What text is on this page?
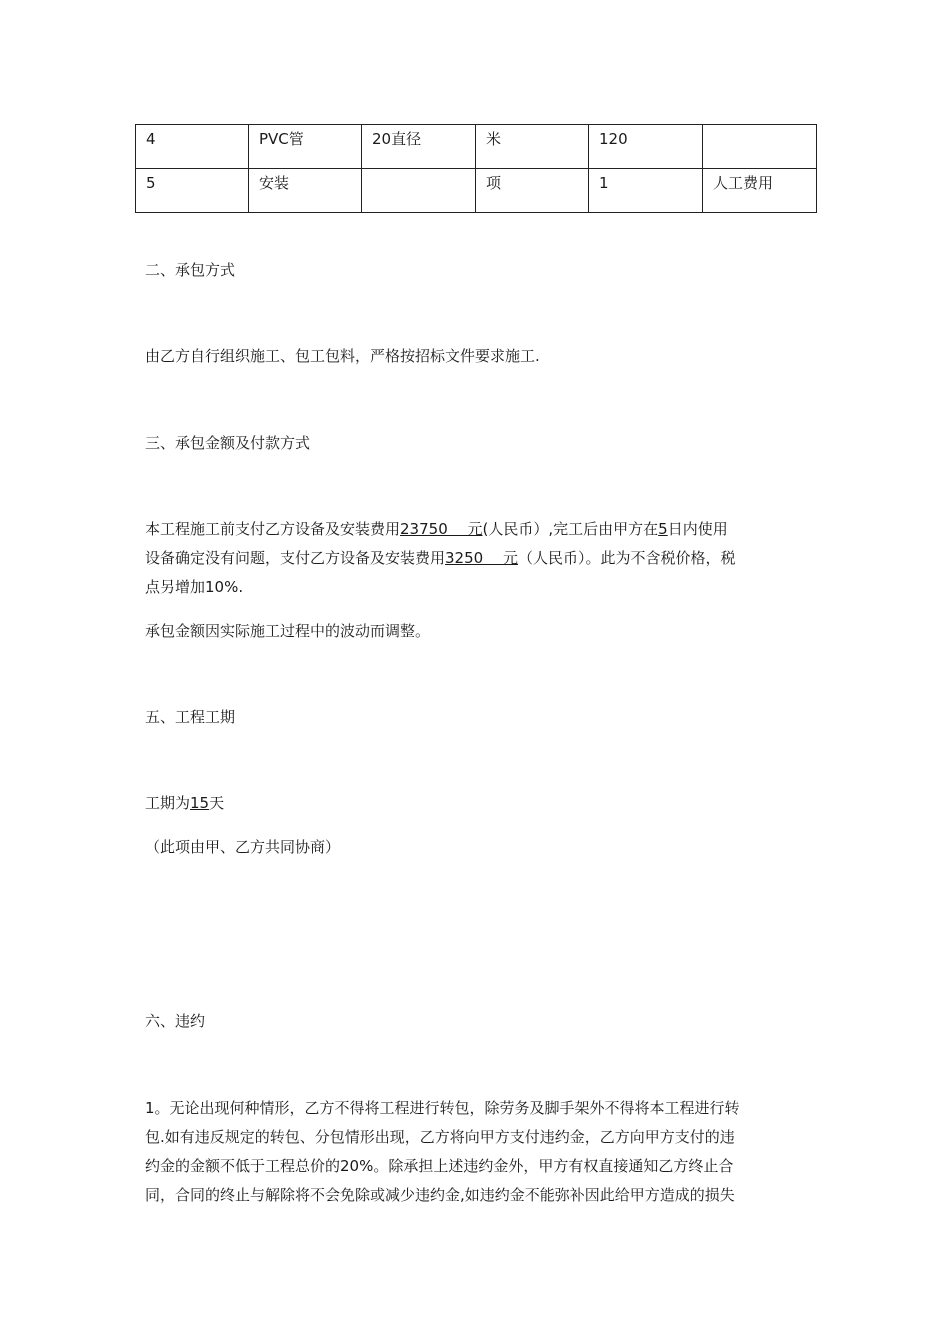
4	PVC管	20直径	米	120	
5	安装		项	1	人工费用

二、承包方式

由乙方自行组织施工、包工包料，严格按招标文件要求施工.

三、承包金额及付款方式

本工程施工前支付乙方设备及安装费用23750　 元(人民币）,完工后由甲方在5日内使用

设备确定没有问题，支付乙方设备及安装费用3250　 元（人民币）。此为不含税价格，税

点另增加10%.

承包金额因实际施工过程中的波动而调整。

五、工程工期

工期为15天

（此项由甲、乙方共同协商）

六、违约

1。无论出现何种情形，乙方不得将工程进行转包，除劳务及脚手架外不得将本工程进行转

包.如有违反规定的转包、分包情形出现，乙方将向甲方支付违约金，乙方向甲方支付的违

约金的金额不低于工程总价的20%。除承担上述违约金外，甲方有权直接通知乙方终止合

同，合同的终止与解除将不会免除或减少违约金,如违约金不能弥补因此给甲方造成的损失
